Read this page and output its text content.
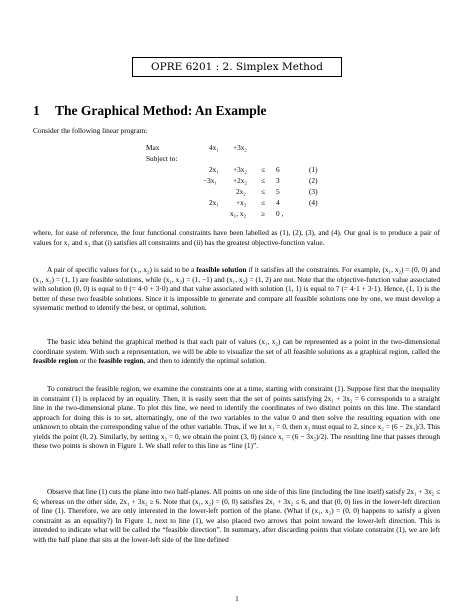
OPRE 6201 : 2. Simplex Method
1 The Graphical Method: An Example

Consider the following linear program:

Max	4x₁ +3x₂
Subject to:
2x₁ +3x₂ ≤ 6	(1)
−3x₁ +2x₂ ≤ 3	(2)
2x₂ ≤ 5	(3)
2x₁ +x₂ ≤ 4	(4)
x₁, x₂ ≥ 0 ,

where, for ease of reference, the four functional constraints have been labelled as (1), (2), (3), and (4). Our goal is to produce a pair of values for x₁ and x₂ that (i) satisfies all constraints and (ii) has the greatest objective-function value.

A pair of specific values for (x₁, x₂) is said to be a feasible solution if it satisfies all the constraints. For example, (x₁, x₂) = (0, 0) and (x₁, x₂) = (1, 1) are feasible solutions, while (x₁, x₂) = (1, −1) and (x₁, x₂) = (1, 2) are not. Note that the objective-function value associated with solution (0, 0) is equal to 0 (= 4·0 + 3·0) and that value associated with solution (1, 1) is equal to 7 (= 4·1 + 3·1). Hence, (1, 1) is the better of these two feasible solutions. Since it is impossible to generate and compare all feasible solutions one by one, we must develop a systematic method to identify the best, or optimal, solution.

The basic idea behind the graphical method is that each pair of values (x₁, x₂) can be represented as a point in the two-dimensional coordinate system. With such a representation, we will be able to visualize the set of all feasible solutions as a graphical region, called the feasible region or the feasible region, and then to identify the optimal solution.

To construct the feasible region, we examine the constraints one at a time, starting with constraint (1). Suppose first that the inequality in constraint (1) is replaced by an equality. Then, it is easily seen that the set of points satisfying 2x₁ + 3x₂ = 6 corresponds to a straight line in the two-dimensional plane. To plot this line, we need to identify the coordinates of two distinct points on this line. The standard approach for doing this is to set, alternatingly, one of the two variables to the value 0 and then solve the resulting equation with one unknown to obtain the corresponding value of the other variable. Thus, if we let x₁ = 0, then x₂ must equal to 2, since x₂ = (6 − 2x₁)/3. This yields the point (0, 2). Similarly, by setting x₂ = 0, we obtain the point (3, 0) (since x₁ = (6 − 3x₂)/2). The resulting line that passes through these two points is shown in Figure 1. We shall refer to this line as “line (1)”.

Observe that line (1) cuts the plane into two half-planes. All points on one side of this line (including the line itself) satisfy 2x₁ + 3x₂ ≤ 6; whereas on the other side, 2x₁ + 3x₂ ≥ 6. Note that (x₁, x₂) = (0, 0) satisfies 2x₁ + 3x₂ ≤ 6, and that (0, 0) lies in the lower-left direction of line (1). Therefore, we are only interested in the lower-left portion of the plane. (What if (x₁, x₂) = (0, 0) happens to satisfy a given constraint as an equality?) In Figure 1, next to line (1), we also placed two arrows that point toward the lower-left direction. This is intended to indicate what will be called the “feasible direction”. In summary, after discarding points that violate constraint (1), we are left with the half plane that sits at the lower-left side of the line defined

1
